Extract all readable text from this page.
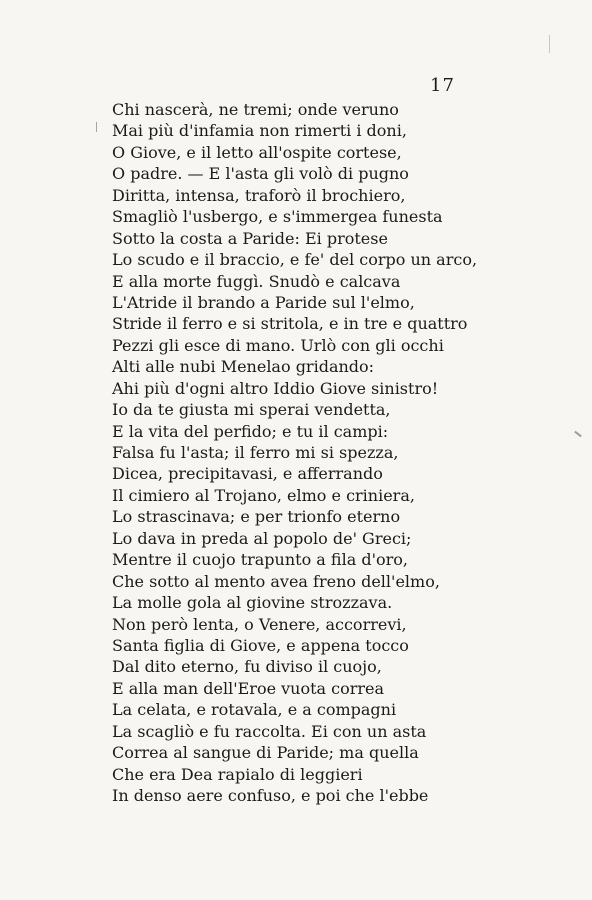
17
Chi nascerà, ne tremi; onde veruno
Mai più d'infamia non rimerti i doni,
O Giove, e il letto all'ospite cortese,
O padre. — E l'asta gli volò di pugno
Diritta, intensa, traforò il brochiero,
Smagliò l'usbergo, e s'immergea funesta
Sotto la costa a Paride: Ei protese
Lo scudo e il braccio, e fe' del corpo un arco,
E alla morte fuggì. Snudò e calcava
L'Atride il brando a Paride sul l'elmo,
Stride il ferro e si stritola, e in tre e quattro
Pezzi gli esce di mano. Urlò con gli occhi
Alti alle nubi Menelao gridando:
Ahi più d'ogni altro Iddio Giove sinistro!
Io da te giusta mi sperai vendetta,
E la vita del perfido; e tu il campi:
Falsa fu l'asta; il ferro mi si spezza,
Dicea, precipitavasi, e afferrando
Il cimiero al Trojano, elmo e criniera,
Lo strascinava; e per trionfo eterno
Lo dava in preda al popolo de' Greci;
Mentre il cuojo trapunto a fila d'oro,
Che sotto al mento avea freno dell'elmo,
La molle gola al giovine strozzava.
Non però lenta, o Venere, accorrevi,
Santa figlia di Giove, e appena tocco
Dal dito eterno, fu diviso il cuojo,
E alla man dell'Eroe vuota correa
La celata, e rotavala, e a compagni
La scagliò e fu raccolta. Ei con un asta
Correa al sangue di Paride; ma quella
Che era Dea rapialo di leggieri
In denso aere confuso, e poi che l'ebbe
